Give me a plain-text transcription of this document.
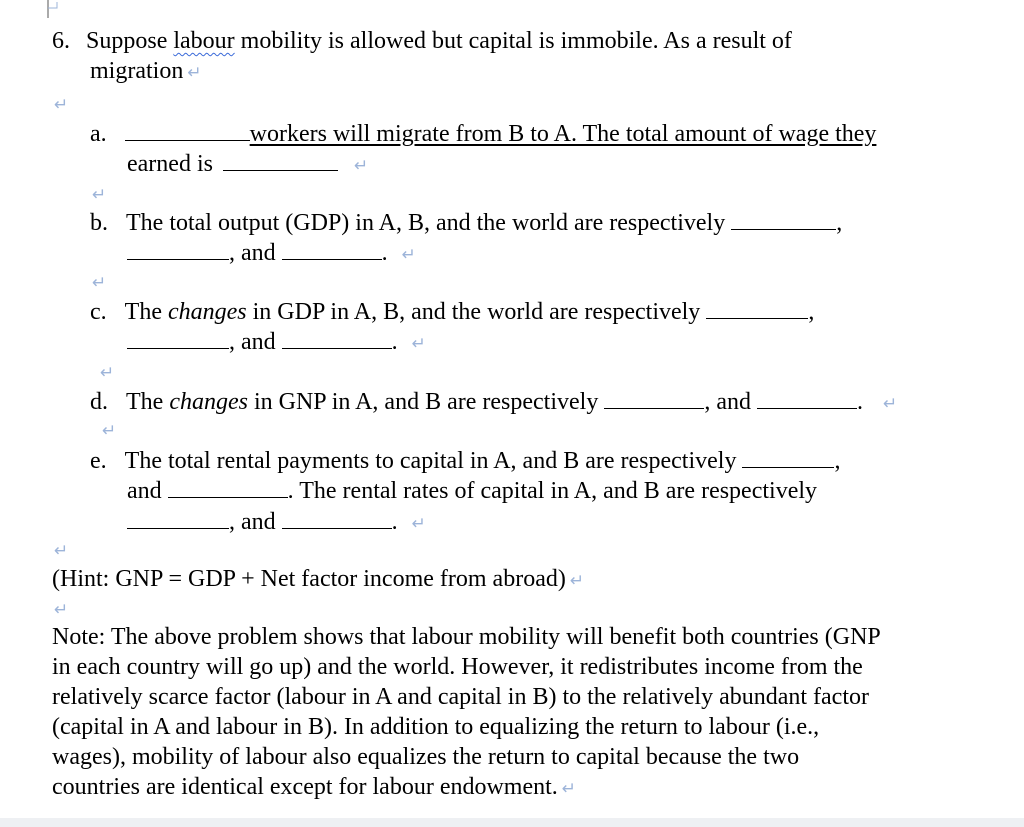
6. Suppose labour mobility is allowed but capital is immobile. As a result of
migration ↵
↵
a.	workers will migrate from B to A. The total amount of wage they
earned is	↵
↵
b. The total output (GDP) in A, B, and the world are respectively	,
, and	. ↵
↵
c. The changes in GDP in A, B, and the world are respectively	,
, and	. ↵
↵
d. The changes in GNP in A, and B are respectively	, and	. ↵
↵
e. The total rental payments to capital in A, and B are respectively	,
and	. The rental rates of capital in A, and B are respectively
, and	. ↵
↵
(Hint: GNP = GDP + Net factor income from abroad) ↵
↵
Note: The above problem shows that labour mobility will benefit both countries (GNP
in each country will go up) and the world. However, it redistributes income from the
relatively scarce factor (labour in A and capital in B) to the relatively abundant factor
(capital in A and labour in B). In addition to equalizing the return to labour (i.e.,
wages), mobility of labour also equalizes the return to capital because the two
countries are identical except for labour endowment. ↵
